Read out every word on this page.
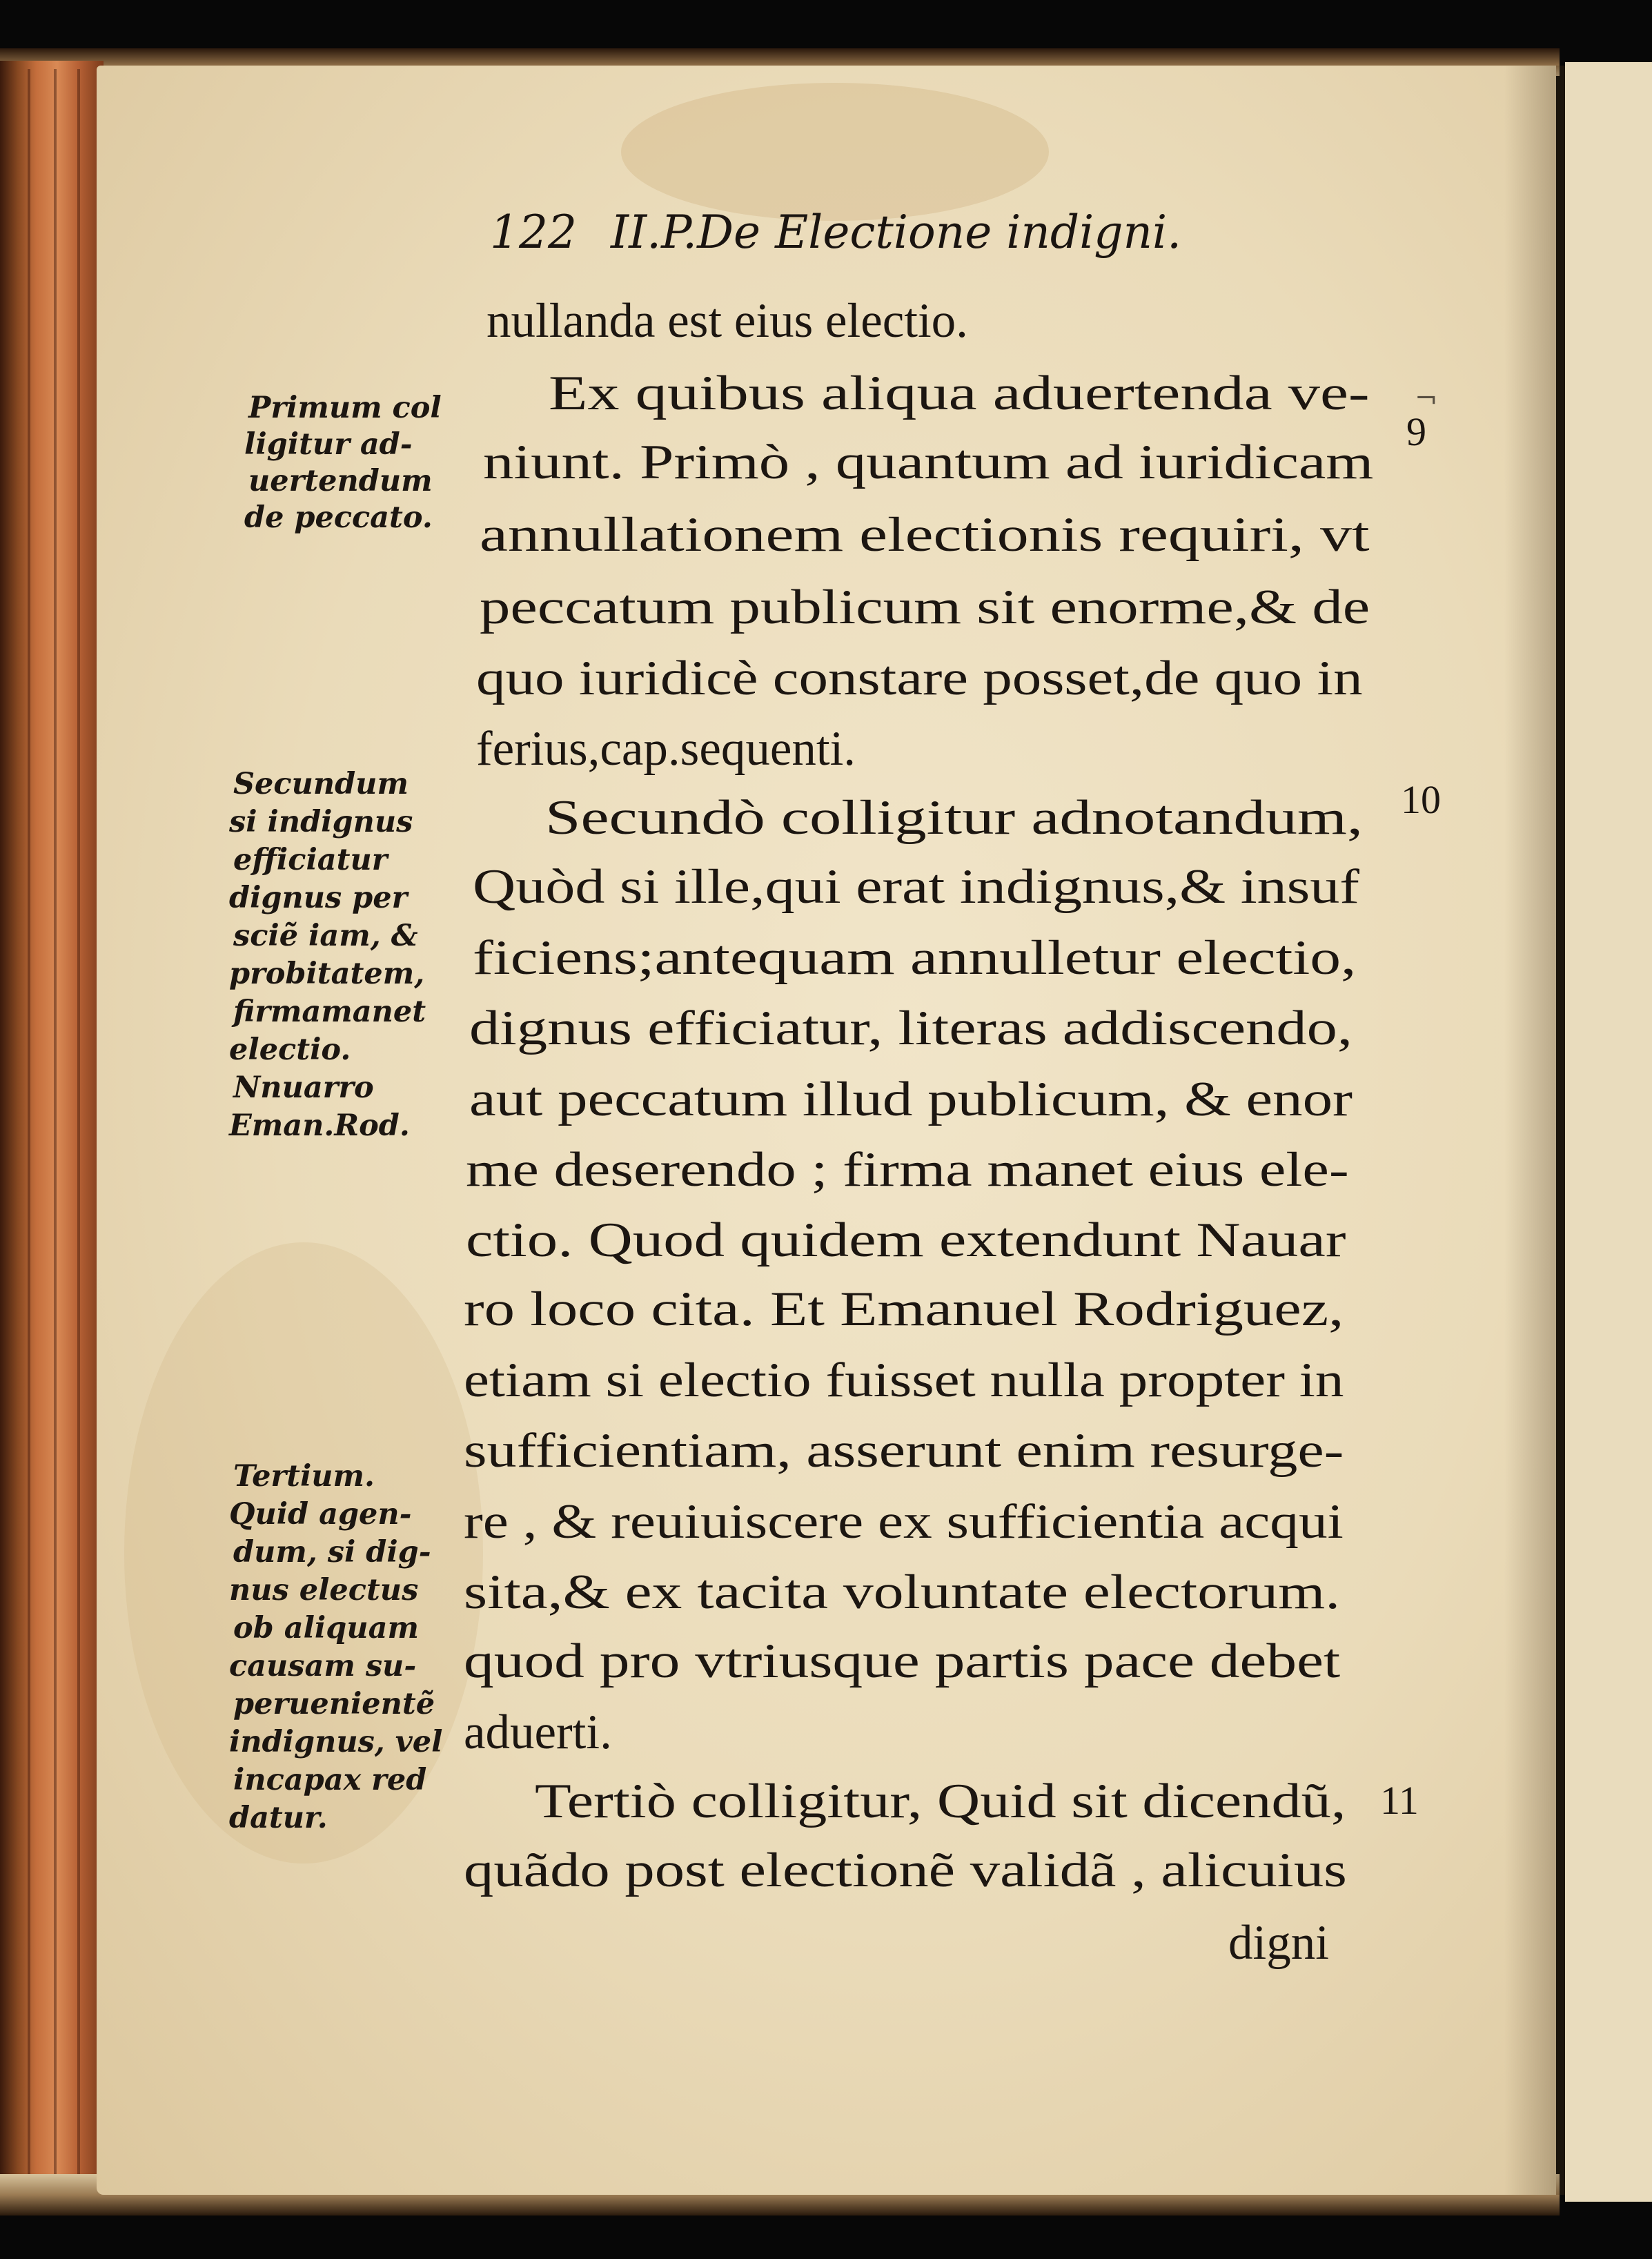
122 II.P.De Electione indigni.
nullanda est eius electio.
Ex quibus aliqua aduertenda ve-
niunt. Primò , quantum ad iuridicam
annullationem electionis requiri, vt
peccatum publicum sit enorme,& de
quo iuridicè constare posset,de quo in
ferius,cap.sequenti.
Secundò colligitur adnotandum,
Quòd si ille,qui erat indignus,& insuf
ficiens;antequam annulletur electio,
dignus efficiatur, literas addiscendo,
aut peccatum illud publicum, & enor
me deserendo ; firma manet eius ele-
ctio. Quod quidem extendunt Nauar
ro loco cita. Et Emanuel Rodriguez,
etiam si electio fuisset nulla propter in
sufficientiam, asserunt enim resurge-
re , & reuiuiscere ex sufficientia acqui
sita,& ex tacita voluntate electorum.
quod pro vtriusque partis pace debet
aduerti.
Tertiò colligitur, Quid sit dicendũ,
quãdo post electionẽ validã , alicuius
digni
Primum col
ligitur ad-
uertendum
de peccato.
Secundum
si indignus
efficiatur
dignus per
sciẽ iam, &
probitatem,
firmamanet
electio.
Nnuarro
Eman.Rod.
Tertium.
Quid agen-
dum, si dig-
nus electus
ob aliquam
causam su-
peruenientẽ
indignus, vel
incapax red
datur.
9
10
11
¬
